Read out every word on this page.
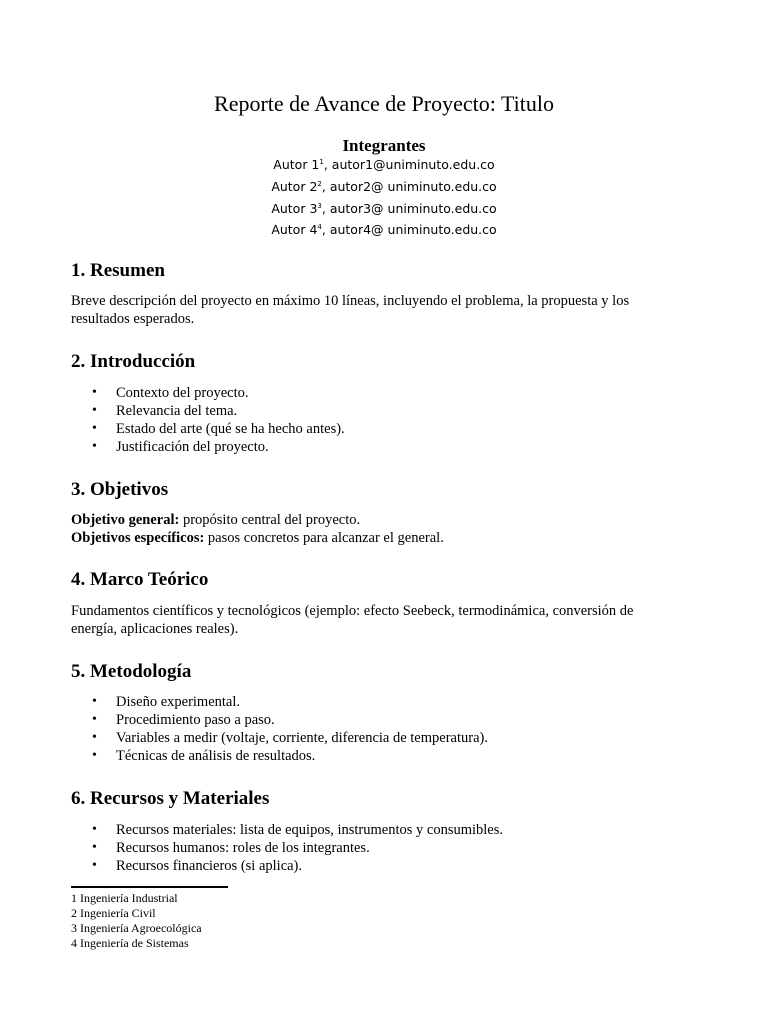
Reporte de Avance de Proyecto: Titulo
Integrantes
Autor $1^1$, autor1@uniminuto.edu.co
Autor $2^2$, autor2@ uniminuto.edu.co
Autor $3^3$, autor3@ uniminuto.edu.co
Autor $4^4$, autor4@ uniminuto.edu.co
1. Resumen

Breve descripción del proyecto en máximo 10 líneas, incluyendo el problema, la propuesta y los resultados esperados.

2. Introducción
• Contexto del proyecto.
• Relevancia del tema.
• Estado del arte (qué se ha hecho antes).
• Justificación del proyecto.
3. Objetivos
Objetivo general: propósito central del proyecto.
Objetivos específicos: pasos concretos para alcanzar el general.
4. Marco Teórico

Fundamentos científicos y tecnológicos (ejemplo: efecto Seebeck, termodinámica, conversión de energía, aplicaciones reales).

5. Metodología
• Diseño experimental.
• Procedimiento paso a paso.
• Variables a medir (voltaje, corriente, diferencia de temperatura).
• Técnicas de análisis de resultados.
6. Recursos y Materiales
• Recursos materiales: lista de equipos, instrumentos y consumibles.
• Recursos humanos: roles de los integrantes.
• Recursos financieros (si aplica).
1 Ingeniería Industrial
2 Ingeniería Civil
3 Ingeniería Agroecológica
4 Ingeniería de Sistemas
